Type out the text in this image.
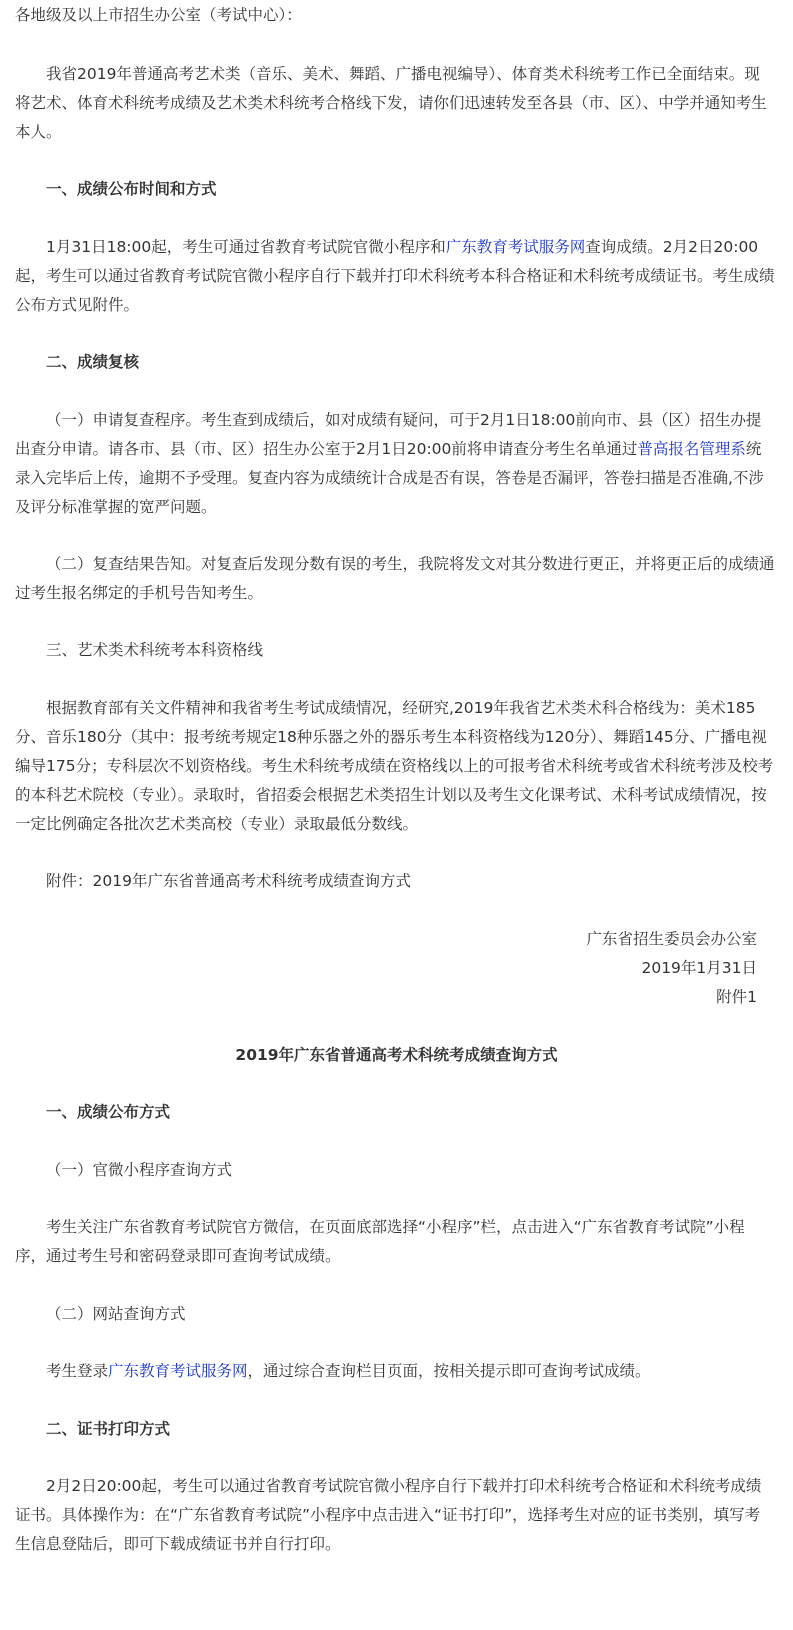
各地级及以上市招生办公室（考试中心）：

我省2019年普通高考艺术类（音乐、美术、舞蹈、广播电视编导）、体育类术科统考工作已全面结束。现将艺术、体育术科统考成绩及艺术类术科统考合格线下发，请你们迅速转发至各县（市、区）、中学并通知考生本人。

一、成绩公布时间和方式

1月31日18:00起，考生可通过省教育考试院官微小程序和广东教育考试服务网查询成绩。2月2日20:00起，考生可以通过省教育考试院官微小程序自行下载并打印术科统考本科合格证和术科统考成绩证书。考生成绩公布方式见附件。

二、成绩复核

（一）申请复查程序。考生查到成绩后，如对成绩有疑问，可于2月1日18:00前向市、县（区）招生办提出查分申请。请各市、县（市、区）招生办公室于2月1日20:00前将申请查分考生名单通过普高报名管理系统录入完毕后上传，逾期不予受理。复查内容为成绩统计合成是否有误，答卷是否漏评，答卷扫描是否准确,不涉及评分标准掌握的宽严问题。

（二）复查结果告知。对复查后发现分数有误的考生，我院将发文对其分数进行更正，并将更正后的成绩通过考生报名绑定的手机号告知考生。

三、艺术类术科统考本科资格线

根据教育部有关文件精神和我省考生考试成绩情况，经研究,2019年我省艺术类术科合格线为：美术185分、音乐180分（其中：报考统考规定18种乐器之外的器乐考生本科资格线为120分）、舞蹈145分、广播电视编导175分；专科层次不划资格线。考生术科统考成绩在资格线以上的可报考省术科统考或省术科统考涉及校考的本科艺术院校（专业）。录取时，省招委会根据艺术类招生计划以及考生文化课考试、术科考试成绩情况，按一定比例确定各批次艺术类高校（专业）录取最低分数线。

附件：2019年广东省普通高考术科统考成绩查询方式

广东省招生委员会办公室
2019年1月31日
附件1
2019年广东省普通高考术科统考成绩查询方式

一、成绩公布方式

（一）官微小程序查询方式

考生关注广东省教育考试院官方微信，在页面底部选择“小程序”栏，点击进入“广东省教育考试院”小程序，通过考生号和密码登录即可查询考试成绩。

（二）网站查询方式

考生登录广东教育考试服务网，通过综合查询栏目页面，按相关提示即可查询考试成绩。

二、证书打印方式

2月2日20:00起，考生可以通过省教育考试院官微小程序自行下载并打印术科统考合格证和术科统考成绩证书。具体操作为：在“广东省教育考试院”小程序中点击进入“证书打印”，选择考生对应的证书类别，填写考生信息登陆后，即可下载成绩证书并自行打印。
